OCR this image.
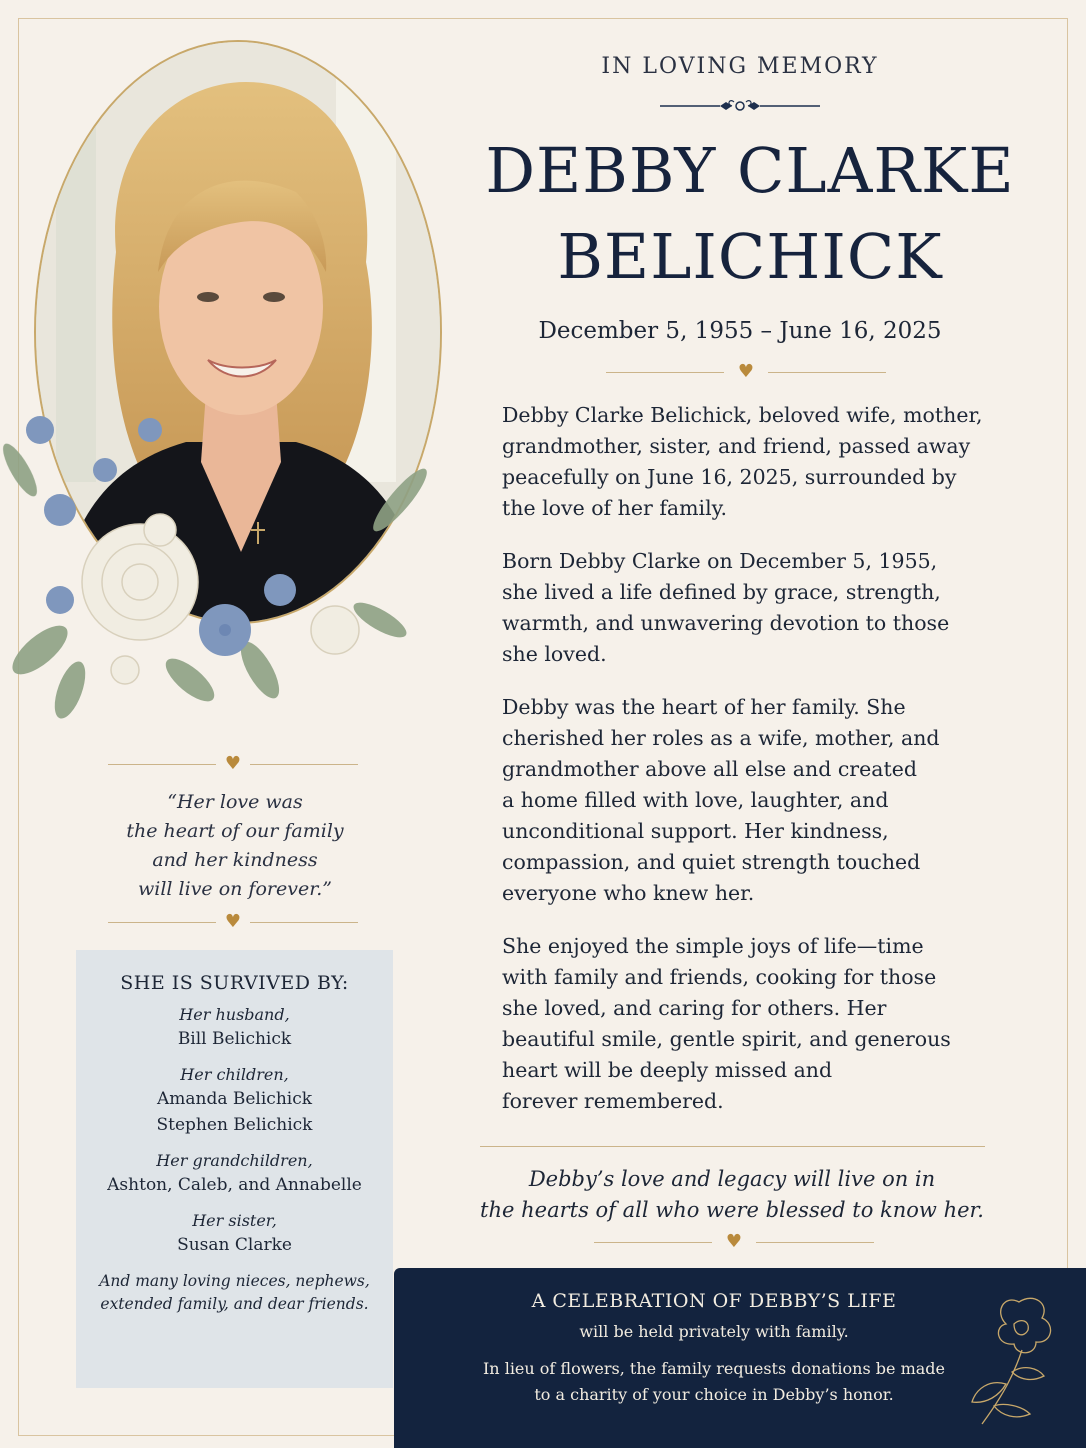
♥
“Her love was
the heart of our family
and her kindness
will live on forever.”
♥
SHE IS SURVIVED BY:
Her husband,
Bill Belichick
Her children,
Amanda Belichick
Stephen Belichick
Her grandchildren,
Ashton, Caleb, and Annabelle
Her sister,
Susan Clarke
And many loving nieces, nephews,
extended family, and dear friends.
IN LOVING MEMORY
DEBBY CLARKE
BELICHICK
December 5, 1955 – June 16, 2025
♥

Debby Clarke Belichick, beloved wife, mother,
grandmother, sister, and friend, passed away
peacefully on June 16, 2025, surrounded by
the love of her family.

Born Debby Clarke on December 5, 1955,
she lived a life defined by grace, strength,
warmth, and unwavering devotion to those
she loved.

Debby was the heart of her family. She
cherished her roles as a wife, mother, and
grandmother above all else and created
a home filled with love, laughter, and
unconditional support. Her kindness,
compassion, and quiet strength touched
everyone who knew her.

She enjoyed the simple joys of life—time
with family and friends, cooking for those
she loved, and caring for others. Her
beautiful smile, gentle spirit, and generous
heart will be deeply missed and
forever remembered.

Debby’s love and legacy will live on in
the hearts of all who were blessed to know her.
♥
A CELEBRATION OF DEBBY’S LIFE
will be held privately with family.
In lieu of flowers, the family requests donations be made
to a charity of your choice in Debby’s honor.
